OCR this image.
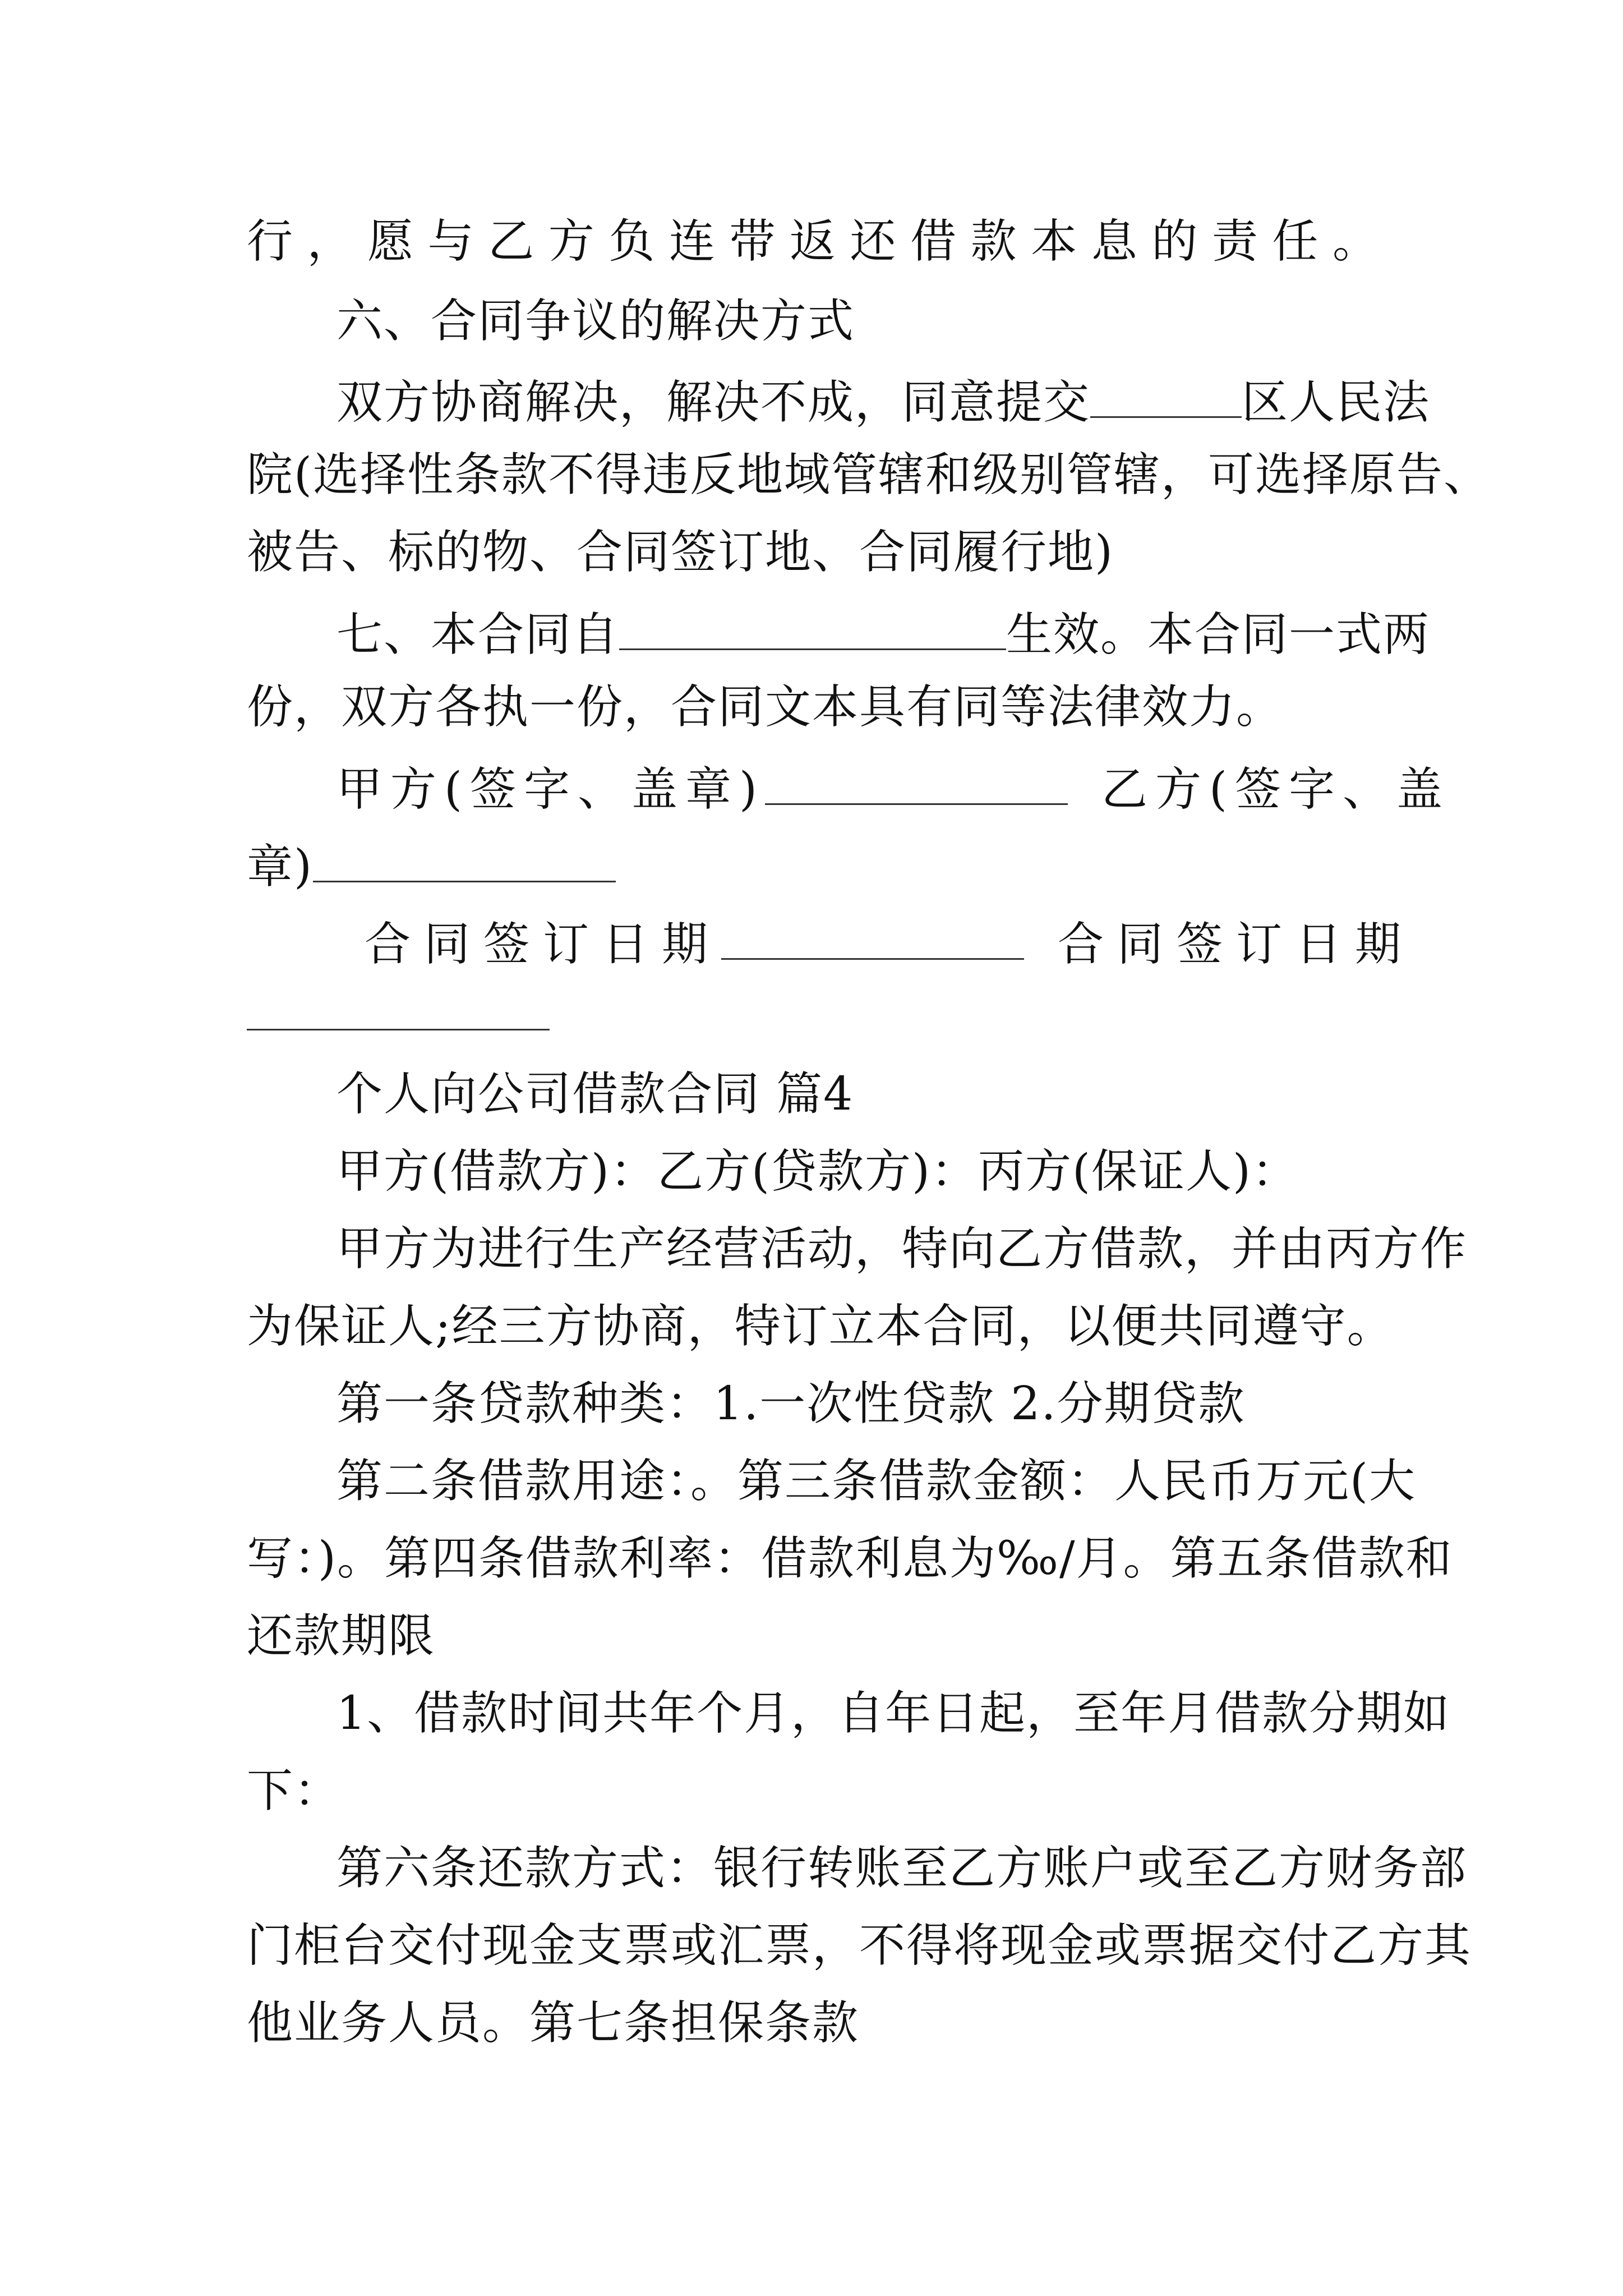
行，愿与乙方负连带返还借款本息的责任。
六、合同争议的解决方式
双方协商解决，解决不成，同意提交	区人民法
院(选择性条款不得违反地域管辖和级别管辖，可选择原告、
被告、标的物、合同签订地、合同履行地)
七、本合同自	生效。本合同一式两
份，双方各执一份，合同文本具有同等法律效力。
甲方(签字、盖章)	乙方(签字、盖
章)
合同签订日期	合同签订日期
个人向公司借款合同 篇4
甲方(借款方)：乙方(贷款方)：丙方(保证人)：
甲方为进行生产经营活动，特向乙方借款，并由丙方作
为保证人;经三方协商，特订立本合同，以便共同遵守。
第一条贷款种类：1.一次性贷款 2.分期贷款
第二条借款用途：。第三条借款金额：人民币万元(大
写：)。第四条借款利率：借款利息为‰/月。第五条借款和
还款期限
1、借款时间共年个月，自年日起，至年月借款分期如
下：
第六条还款方式：银行转账至乙方账户或至乙方财务部
门柜台交付现金支票或汇票，不得将现金或票据交付乙方其
他业务人员。第七条担保条款
